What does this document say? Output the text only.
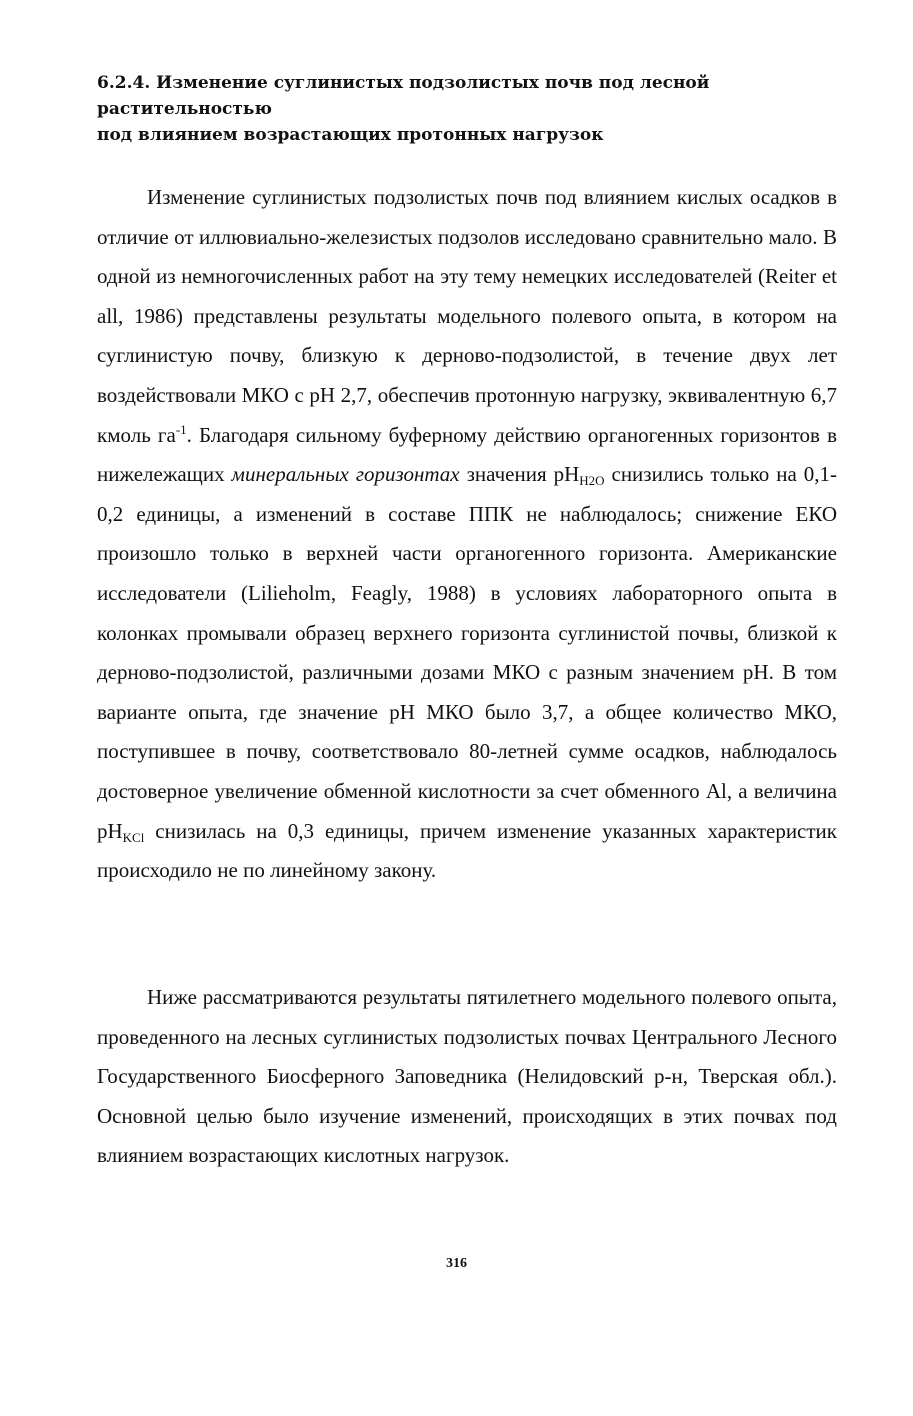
6.2.4. Изменение суглинистых подзолистых почв под лесной
растительностью
под влиянием возрастающих протонных нагрузок

Изменение суглинистых подзолистых почв под влиянием кислых осадков в отличие от иллювиально-железистых подзолов исследовано сравнительно мало. В одной из немногочисленных работ на эту тему немецких исследователей (Reiter et all, 1986) представлены результаты модельного полевого опыта, в котором на суглинистую почву, близкую к дерново-подзолистой, в течение двух лет воздействовали МКО с pH 2,7, обеспечив протонную нагрузку, эквивалентную 6,7 кмоль $га^{-1}$. Благодаря сильному буферному действию органогенных горизонтов в нижележащих минеральных горизонтах значения $pH_{H2O}$ снизились только на 0,1-0,2 единицы, а изменений в составе ППК не наблюдалось; снижение ЕКО произошло только в верхней части органогенного горизонта. Американские исследователи (Lilieholm, Feagly, 1988) в условиях лабораторного опыта в колонках промывали образец верхнего горизонта суглинистой почвы, близкой к дерново-подзолистой, различными дозами МКО с разным значением pH. В том варианте опыта, где значение pH МКО было 3,7, а общее количество МКО, поступившее в почву, соответствовало 80-летней сумме осадков, наблюдалось достоверное увеличение обменной кислотности за счет обменного Al, а величина $pH_{KCl}$ снизилась на 0,3 единицы, причем изменение указанных характеристик происходило не по линейному закону.

Ниже рассматриваются результаты пятилетнего модельного полевого опыта, проведенного на лесных суглинистых подзолистых почвах Центрального Лесного Государственного Биосферного Заповедника (Нелидовский р-н, Тверская обл.). Основной целью было изучение изменений, происходящих в этих почвах под влиянием возрастающих кислотных нагрузок.

316
